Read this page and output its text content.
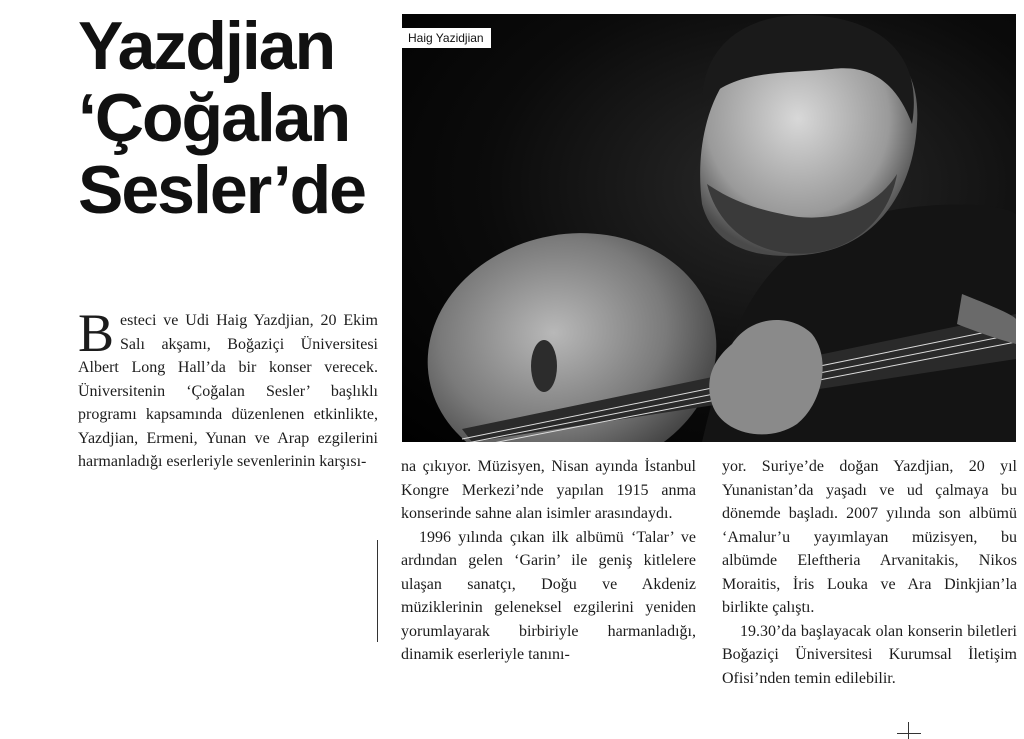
Yazdjian
‘Çoğalan
Sesler’de
Haig Yazidjian

Besteci ve Udi Haig Yazdjian, 20 Ekim Salı akşamı, Boğaziçi Üniversitesi Albert Long Hall’da bir konser verecek. Üniversitenin ‘Çoğalan Sesler’ başlıklı programı kapsamında düzenlenen etkinlikte, Yazdjian, Ermeni, Yunan ve Arap ezgilerini harmanladığı eserleriyle sevenlerinin karşısı-	na çıkıyor. Müzisyen, Nisan ayında İstanbul Kongre Merkezi’nde yapılan 1915 anma konserinde sahne alan isimler arasındaydı.

1996 yılında çıkan ilk albümü ‘Talar’ ve ardından gelen ‘Garin’ ile geniş kitlelere ulaşan sanatçı, Doğu ve Akdeniz müziklerinin geleneksel ezgilerini yeniden yorumlayarak birbiriyle harmanladığı, dinamik eserleriyle tanını-

yor. Suriye’de doğan Yazdjian, 20 yıl Yunanistan’da yaşadı ve ud çalmaya bu dönemde başladı. 2007 yılında son albümü ‘Amalur’u yayımlayan müzisyen, bu albümde Eleftheria Arvanitakis, Nikos Moraitis, İris Louka ve Ara Dinkjian’la birlikte çalıştı.

19.30’da başlayacak olan konserin biletleri Boğaziçi Üniversitesi Kurumsal İletişim Ofisi’nden temin edilebilir.
